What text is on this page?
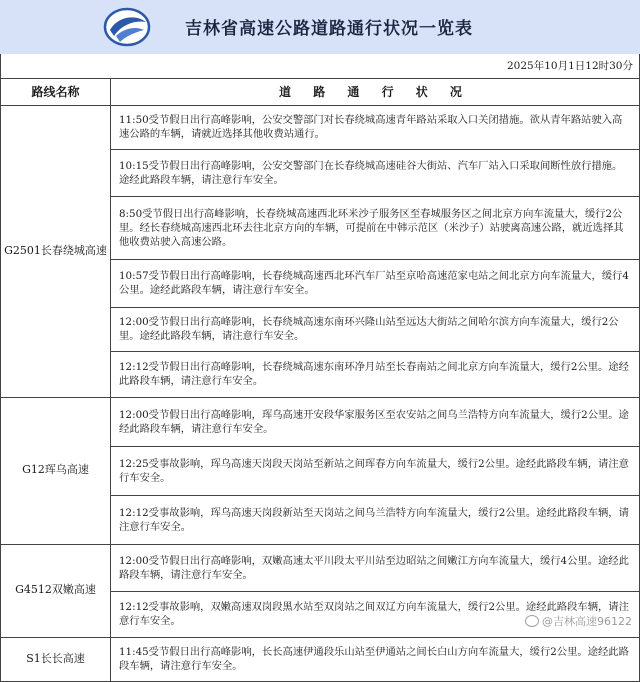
吉林省高速公路道路通行状况一览表
2025年10月1日12时30分	
路线名称	道 路 通 行 状 况
G2501长春绕城高速	11:50受节假日出行高峰影响，公安交警部门对长春绕城高速青年路站采取入口关闭措施。欲从青年路站驶入高速公路的车辆，请就近选择其他收费站通行。
	10:15受节假日出行高峰影响，公安交警部门在长春绕城高速硅谷大街站、汽车厂站入口采取间断性放行措施。途经此路段车辆，请注意行车安全。
	8:50受节假日出行高峰影响，长春绕城高速西北环米沙子服务区至春城服务区之间北京方向车流量大，缓行2公里。经长春绕城高速西北环去往北京方向的车辆，可提前在中韩示范区（米沙子）站驶离高速公路，就近选择其他收费站驶入高速公路。
	10:57受节假日出行高峰影响，长春绕城高速西北环汽车厂站至京哈高速范家屯站之间北京方向车流量大，缓行4公里。途经此路段车辆，请注意行车安全。
	12:00受节假日出行高峰影响，长春绕城高速东南环兴隆山站至远达大街站之间哈尔滨方向车流量大，缓行2公里。途经此路段车辆，请注意行车安全。
	12:12受节假日出行高峰影响，长春绕城高速东南环净月站至长春南站之间北京方向车流量大，缓行2公里。途经此路段车辆，请注意行车安全。
G12珲乌高速	12:00受节假日出行高峰影响，珲乌高速开安段华家服务区至农安站之间乌兰浩特方向车流量大，缓行2公里。途经此路段车辆，请注意行车安全。
	12:25受事故影响，珲乌高速天岗段天岗站至新站之间珲春方向车流量大，缓行2公里。途经此路段车辆，请注意行车安全。
	12:12受事故影响，珲乌高速天岗段新站至天岗站之间乌兰浩特方向车流量大，缓行2公里。途经此路段车辆，请注意行车安全。
G4512双嫩高速	12:00受节假日出行高峰影响，双嫩高速太平川段太平川站至边昭站之间嫩江方向车流量大，缓行4公里。途经此路段车辆，请注意行车安全。
	12:12受事故影响，双嫩高速双岗段黑水站至双岗站之间双辽方向车流量大，缓行2公里。途经此路段车辆，请注意行车安全。
S1长长高速	11:45受节假日出行高峰影响，长长高速伊通段乐山站至伊通站之间长白山方向车流量大，缓行2公里。途经此路段车辆，请注意行车安全。
@吉林高速96122
